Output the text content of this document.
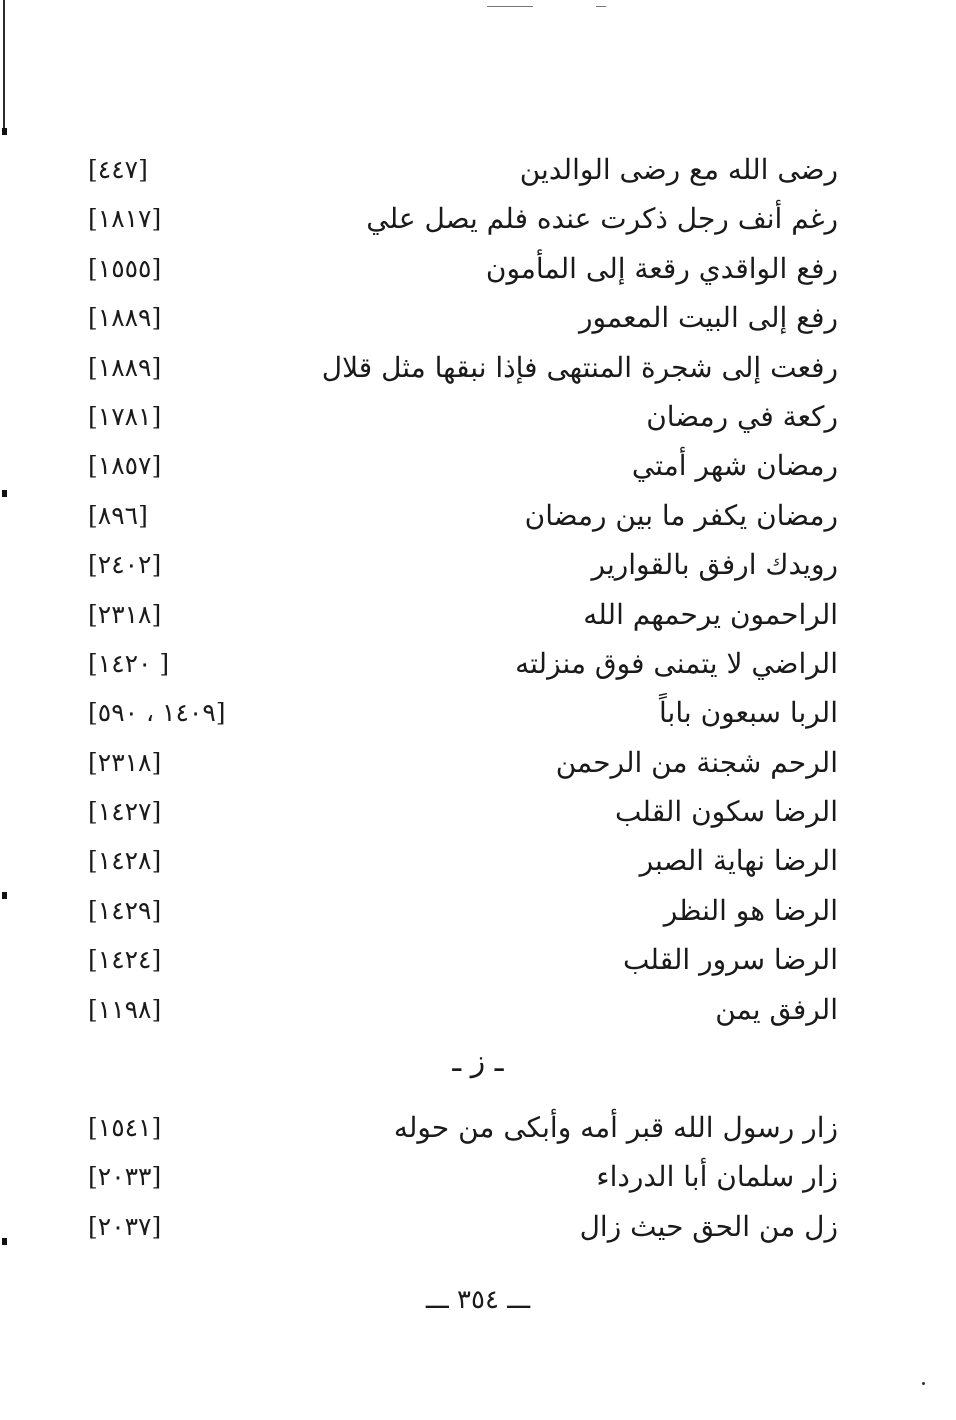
رضى الله مع رضى الوالدين
[٤٤٧]
رغم أنف رجل ذكرت عنده فلم يصل علي
[١٨١٧]
رفع الواقدي رقعة إلى المأمون
[١٥٥٥]
رفع إلى البيت المعمور
[١٨٨٩]
رفعت إلى شجرة المنتهى فإذا نبقها مثل قلال
[١٨٨٩]
ركعة في رمضان
[١٧٨١]
رمضان شهر أمتي
[١٨٥٧]
رمضان يكفر ما بين رمضان
[٨٩٦]
رويدك ارفق بالقوارير
[٢٤٠٢]
الراحمون يرحمهم الله
[٢٣١٨]
الراضي لا يتمنى فوق منزلته
[١٤٢٠ ]
الربا سبعون باباً
[١٤٠٩ ، ٥٩٠]
الرحم شجنة من الرحمن
[٢٣١٨]
الرضا سكون القلب
[١٤٢٧]
الرضا نهاية الصبر
[١٤٢٨]
الرضا هو النظر
[١٤٢٩]
الرضا سرور القلب
[١٤٢٤]
الرفق يمن
[١١٩٨]
ـ ز ـ
زار رسول الله قبر أمه وأبكى من حوله
[١٥٤١]
زار سلمان أبا الدرداء
[٢٠٣٣]
زل من الحق حيث زال
[٢٠٣٧]
ـــ ٣٥٤ ـــ
